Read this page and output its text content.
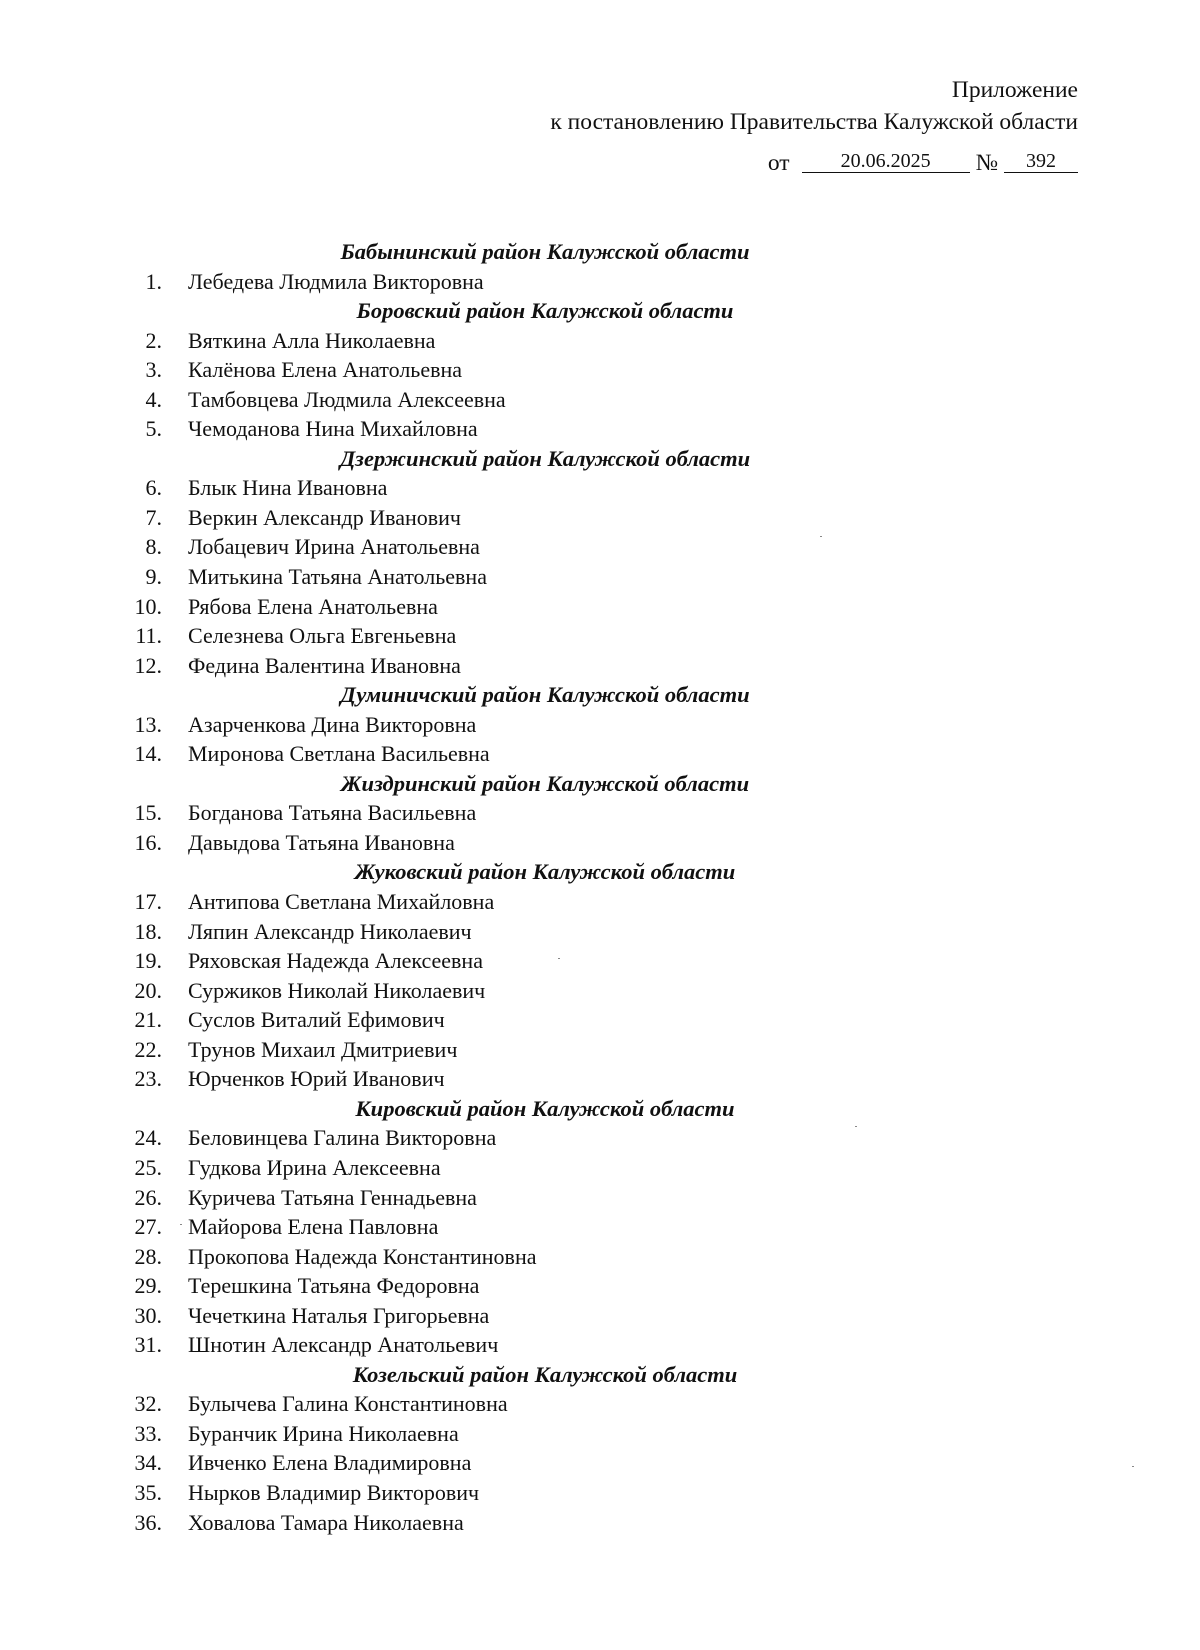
Приложение
к постановлению Правительства Калужской области
от	20.06.2025	№	392
Бабынинский район Калужской области
1. Лебедева Людмила Викторовна
Боровский район Калужской области
2. Вяткина Алла Николаевна
3. Калёнова Елена Анатольевна
4. Тамбовцева Людмила Алексеевна
5. Чемоданова Нина Михайловна
Дзержинский район Калужской области
6. Блык Нина Ивановна
7. Веркин Александр Иванович
8. Лобацевич Ирина Анатольевна
9. Митькина Татьяна Анатольевна
10. Рябова Елена Анатольевна
11. Селезнева Ольга Евгеньевна
12. Федина Валентина Ивановна
Думиничский район Калужской области
13. Азарченкова Дина Викторовна
14. Миронова Светлана Васильевна
Жиздринский район Калужской области
15. Богданова Татьяна Васильевна
16. Давыдова Татьяна Ивановна
Жуковский район Калужской области
17. Антипова Светлана Михайловна
18. Ляпин Александр Николаевич
19. Ряховская Надежда Алексеевна
20. Суржиков Николай Николаевич
21. Суслов Виталий Ефимович
22. Трунов Михаил Дмитриевич
23. Юрченков Юрий Иванович
Кировский район Калужской области
24. Беловинцева Галина Викторовна
25. Гудкова Ирина Алексеевна
26. Куричева Татьяна Геннадьевна
27. Майорова Елена Павловна
28. Прокопова Надежда Константиновна
29. Терешкина Татьяна Федоровна
30. Чечеткина Наталья Григорьевна
31. Шнотин Александр Анатольевич
Козельский район Калужской области
32. Булычева Галина Константиновна
33. Буранчик Ирина Николаевна
34. Ивченко Елена Владимировна
35. Нырков Владимир Викторович
36. Ховалова Тамара Николаевна
